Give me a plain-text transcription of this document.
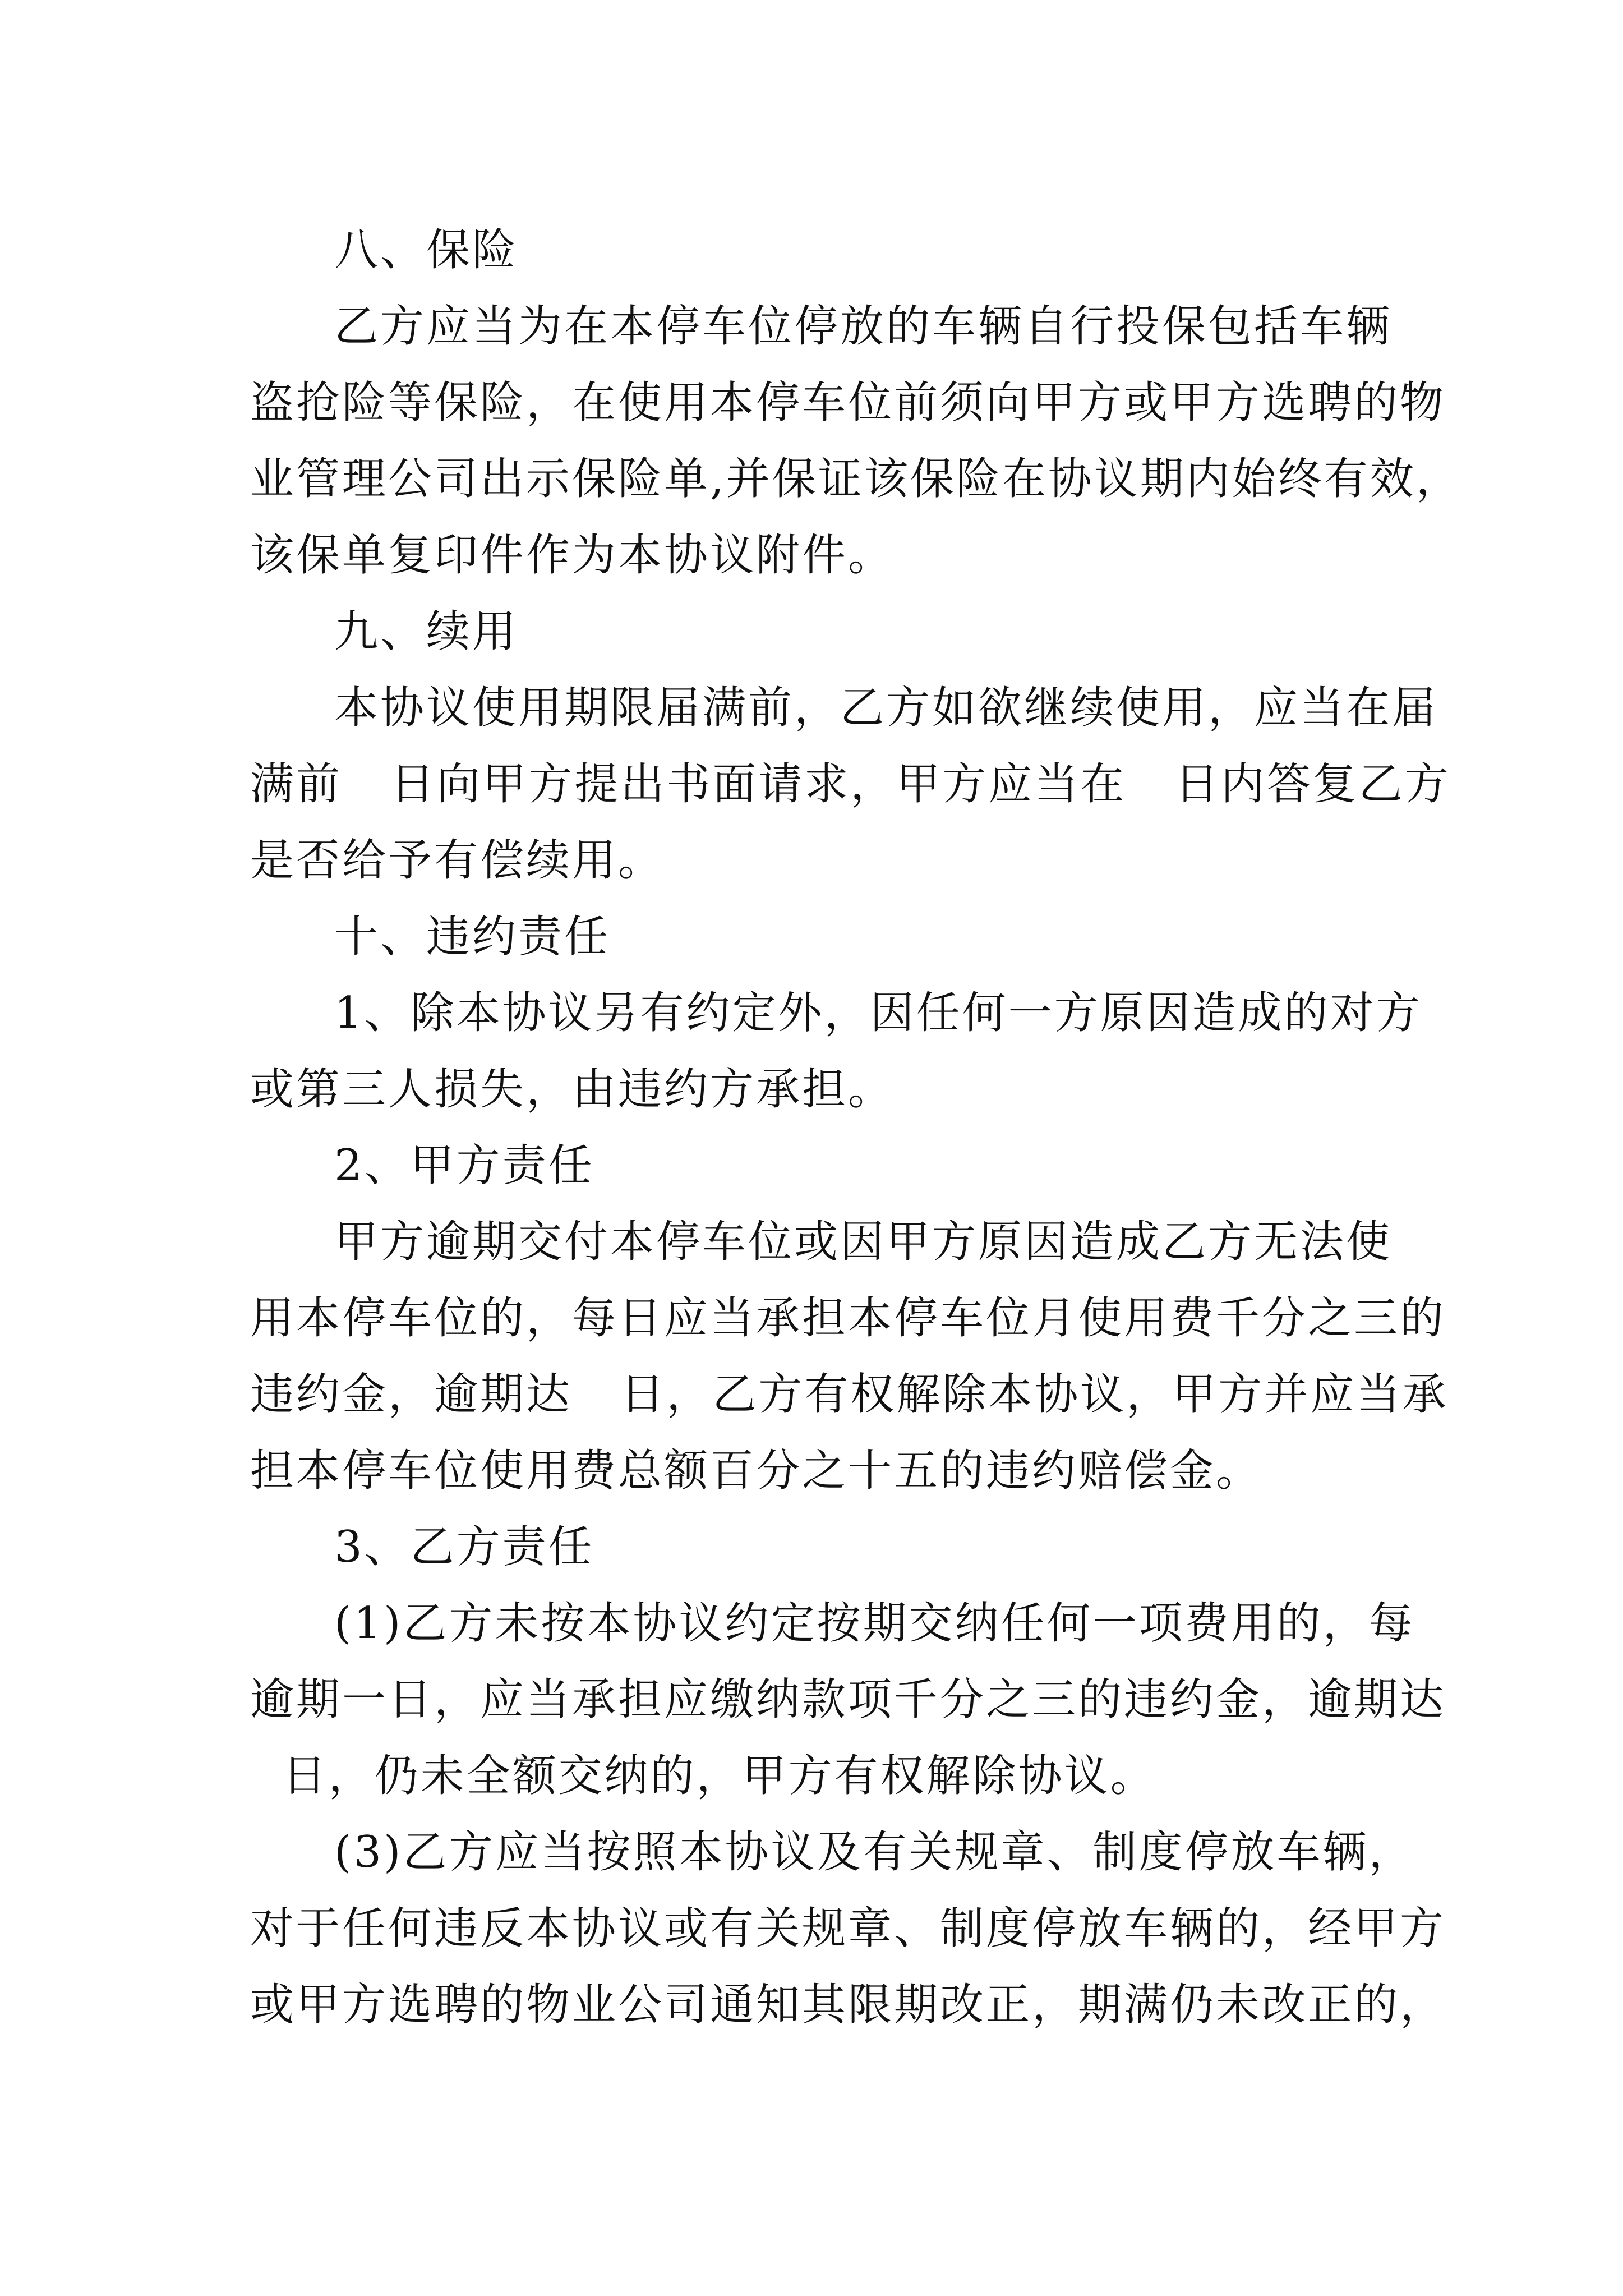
八、保险
乙方应当为在本停车位停放的车辆自行投保包括车辆
盗抢险等保险，在使用本停车位前须向甲方或甲方选聘的物
业管理公司出示保险单,并保证该保险在协议期内始终有效，
该保单复印件作为本协议附件。
九、续用
本协议使用期限届满前，乙方如欲继续使用，应当在届
满前   日向甲方提出书面请求，甲方应当在   日内答复乙方
是否给予有偿续用。
十、违约责任
1、除本协议另有约定外，因任何一方原因造成的对方
或第三人损失，由违约方承担。
2、甲方责任
甲方逾期交付本停车位或因甲方原因造成乙方无法使
用本停车位的，每日应当承担本停车位月使用费千分之三的
违约金，逾期达   日，乙方有权解除本协议，甲方并应当承
担本停车位使用费总额百分之十五的违约赔偿金。
3、乙方责任
(1)乙方未按本协议约定按期交纳任何一项费用的，每
逾期一日，应当承担应缴纳款项千分之三的违约金，逾期达
日，仍未全额交纳的，甲方有权解除协议。
(3)乙方应当按照本协议及有关规章、制度停放车辆，
对于任何违反本协议或有关规章、制度停放车辆的，经甲方
或甲方选聘的物业公司通知其限期改正，期满仍未改正的，
